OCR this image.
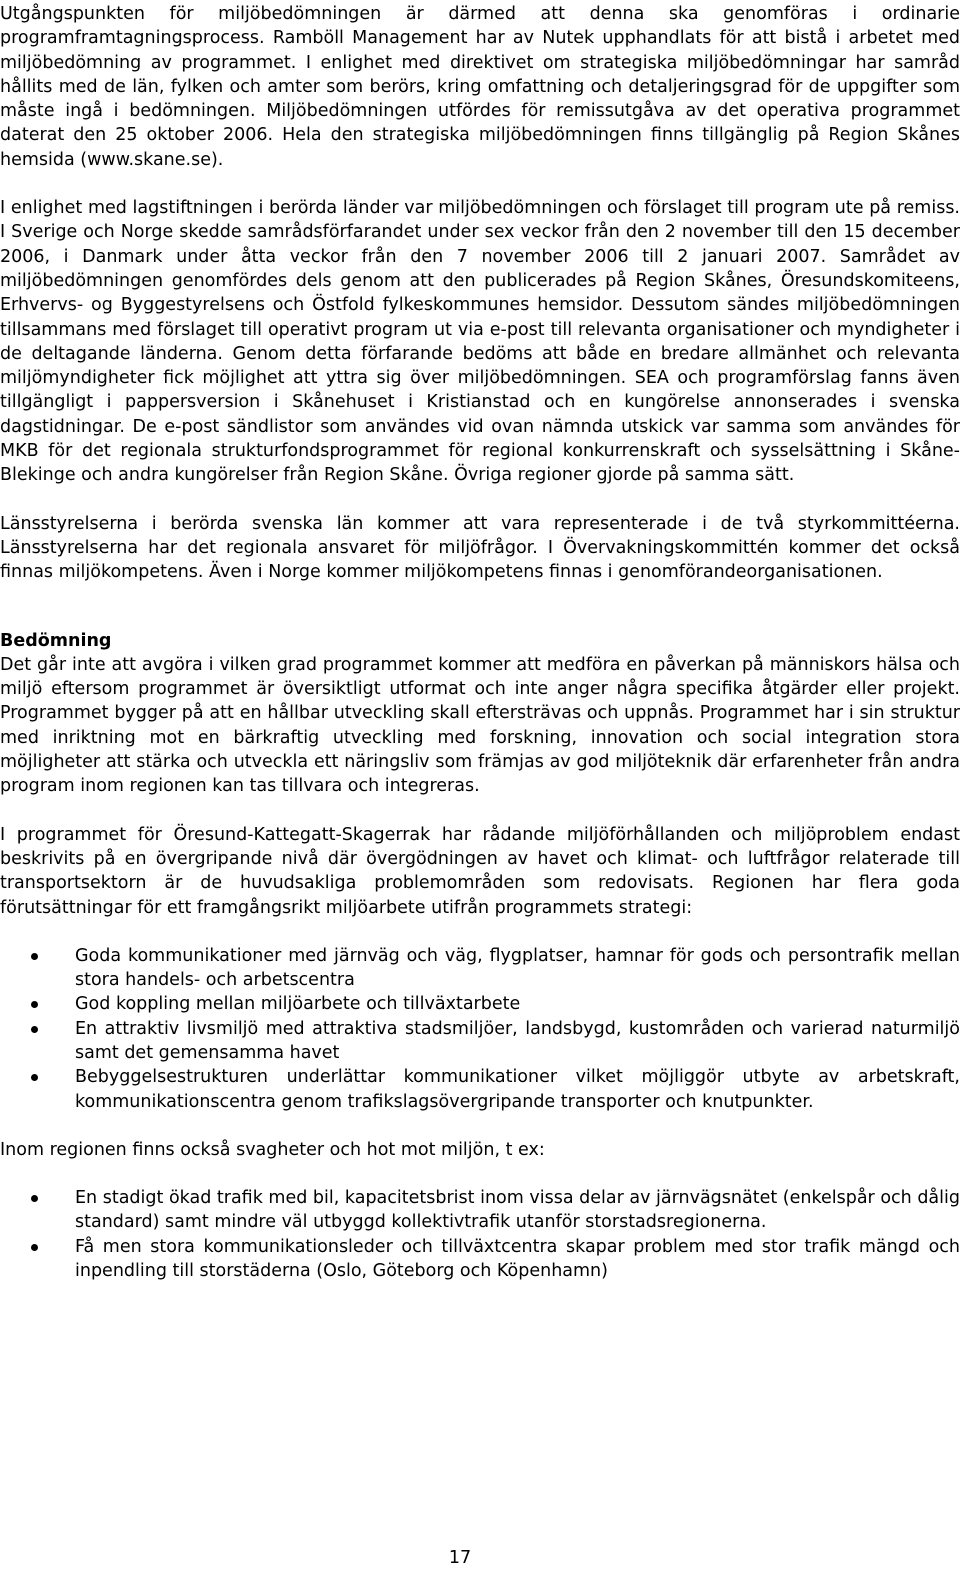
Utgångspunkten för miljöbedömningen är därmed att denna ska genomföras i ordinarie programframtagningsprocess. Ramböll Management har av Nutek upphandlats för att bistå i arbetet med miljöbedömning av programmet. I enlighet med direktivet om strategiska miljöbedömningar har samråd hållits med de län, fylken och amter som berörs, kring omfattning och detaljeringsgrad för de uppgifter som måste ingå i bedömningen. Miljöbedömningen utfördes för remissutgåva av det operativa programmet daterat den 25 oktober 2006. Hela den strategiska miljöbedömningen finns tillgänglig på Region Skånes hemsida (www.skane.se).

I enlighet med lagstiftningen i berörda länder var miljöbedömningen och förslaget till program ute på remiss. I Sverige och Norge skedde samrådsförfarandet under sex veckor från den 2 november till den 15 december 2006, i Danmark under åtta veckor från den 7 november 2006 till 2 januari 2007. Samrådet av miljöbedömningen genomfördes dels genom att den publicerades på Region Skånes, Öresundskomiteens, Erhvervs- og Byggestyrelsens och Östfold fylkeskommunes hemsidor. Dessutom sändes miljöbedömningen tillsammans med förslaget till operativt program ut via e-post till relevanta organisationer och myndigheter i de deltagande länderna. Genom detta förfarande bedöms att både en bredare allmänhet och relevanta miljömyndigheter fick möjlighet att yttra sig över miljöbedömningen. SEA och programförslag fanns även tillgängligt i pappersversion i Skånehuset i Kristianstad och en kungörelse annonserades i svenska dagstidningar. De e-post sändlistor som användes vid ovan nämnda utskick var samma som användes för MKB för det regionala strukturfondsprogrammet för regional konkurrenskraft och sysselsättning i Skåne-Blekinge och andra kungörelser från Region Skåne. Övriga regioner gjorde på samma sätt.

Länsstyrelserna i berörda svenska län kommer att vara representerade i de två styrkommittéerna. Länsstyrelserna har det regionala ansvaret för miljöfrågor. I Övervakningskommittén kommer det också finnas miljökompetens. Även i Norge kommer miljökompetens finnas i genomförandeorganisationen.

Bedömning

Det går inte att avgöra i vilken grad programmet kommer att medföra en påverkan på människors hälsa och miljö eftersom programmet är översiktligt utformat och inte anger några specifika åtgärder eller projekt. Programmet bygger på att en hållbar utveckling skall eftersträvas och uppnås. Programmet har i sin struktur med inriktning mot en bärkraftig utveckling med forskning, innovation och social integration stora möjligheter att stärka och utveckla ett näringsliv som främjas av god miljöteknik där erfarenheter från andra program inom regionen kan tas tillvara och integreras.

I programmet för Öresund-Kattegatt-Skagerrak har rådande miljöförhållanden och miljöproblem endast beskrivits på en övergripande nivå där övergödningen av havet och klimat- och luftfrågor relaterade till transportsektorn är de huvudsakliga problemområden som redovisats. Regionen har flera goda förutsättningar för ett framgångsrikt miljöarbete utifrån programmets strategi:

Goda kommunikationer med järnväg och väg, flygplatser, hamnar för gods och persontrafik mellan stora handels- och arbetscentra
God koppling mellan miljöarbete och tillväxtarbete
En attraktiv livsmiljö med attraktiva stadsmiljöer, landsbygd, kustområden och varierad naturmiljö samt det gemensamma havet
Bebyggelsestrukturen underlättar kommunikationer vilket möjliggör utbyte av arbetskraft, kommunikationscentra genom trafikslagsövergripande transporter och knutpunkter.

Inom regionen finns också svagheter och hot mot miljön, t ex:

En stadigt ökad trafik med bil, kapacitetsbrist inom vissa delar av järnvägsnätet (enkelspår och dålig standard) samt mindre väl utbyggd kollektivtrafik utanför storstadsregionerna.
Få men stora kommunikationsleder och tillväxtcentra skapar problem med stor trafik mängd och inpendling till storstäderna (Oslo, Göteborg och Köpenhamn)
17
